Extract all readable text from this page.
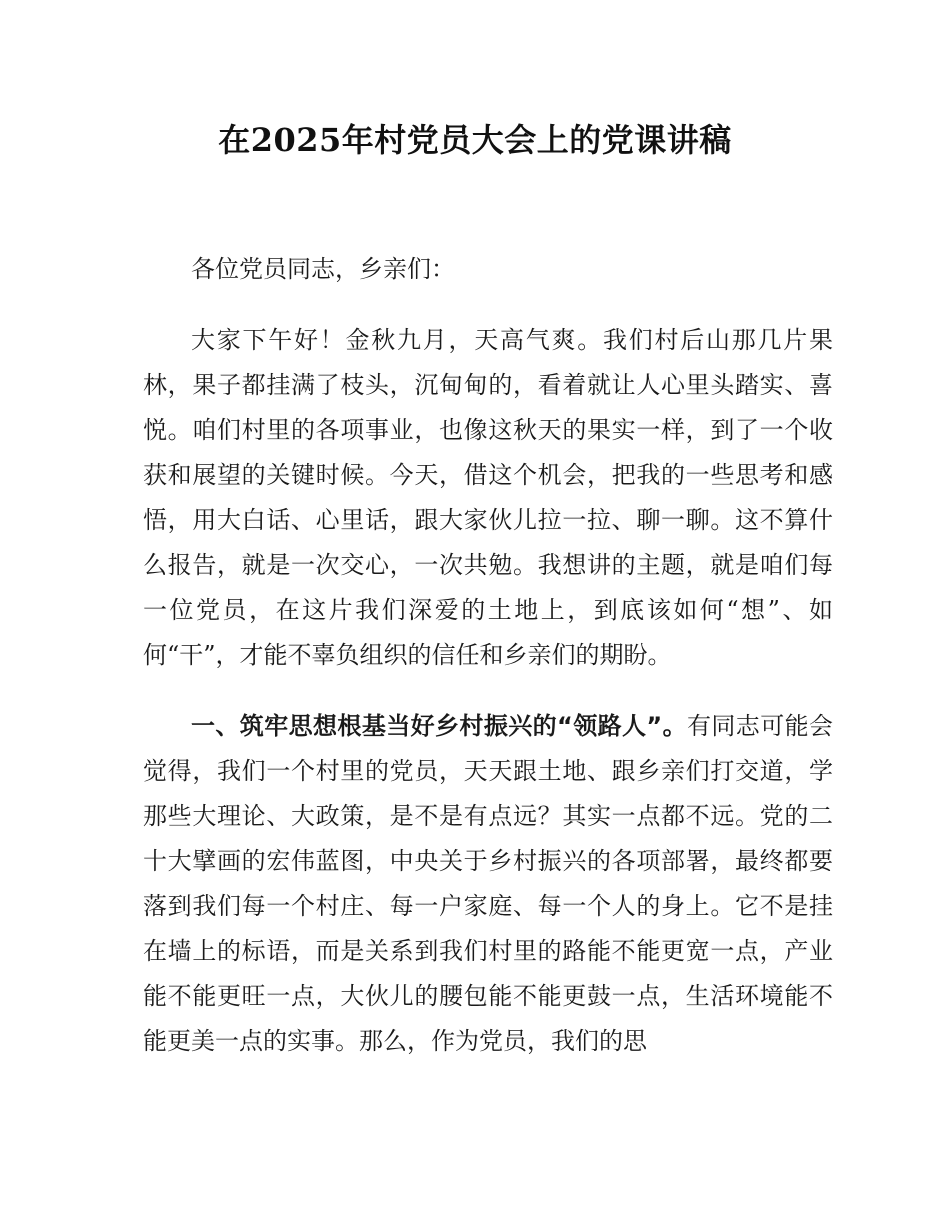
在2025年村党员大会上的党课讲稿

各位党员同志，乡亲们：

大家下午好！金秋九月，天高气爽。我们村后山那几片果林，果子都挂满了枝头，沉甸甸的，看着就让人心里头踏实、喜悦。咱们村里的各项事业，也像这秋天的果实一样，到了一个收获和展望的关键时候。今天，借这个机会，把我的一些思考和感悟，用大白话、心里话，跟大家伙儿拉一拉、聊一聊。这不算什么报告，就是一次交心，一次共勉。我想讲的主题，就是咱们每一位党员，在这片我们深爱的土地上，到底该如何“想”、如何“干”，才能不辜负组织的信任和乡亲们的期盼。

一、筑牢思想根基当好乡村振兴的“领路人”。有同志可能会觉得，我们一个村里的党员，天天跟土地、跟乡亲们打交道，学那些大理论、大政策，是不是有点远？其实一点都不远。党的二十大擘画的宏伟蓝图，中央关于乡村振兴的各项部署，最终都要落到我们每一个村庄、每一户家庭、每一个人的身上。它不是挂在墙上的标语，而是关系到我们村里的路能不能更宽一点，产业能不能更旺一点，大伙儿的腰包能不能更鼓一点，生活环境能不能更美一点的实事。那么，作为党员，我们的思
